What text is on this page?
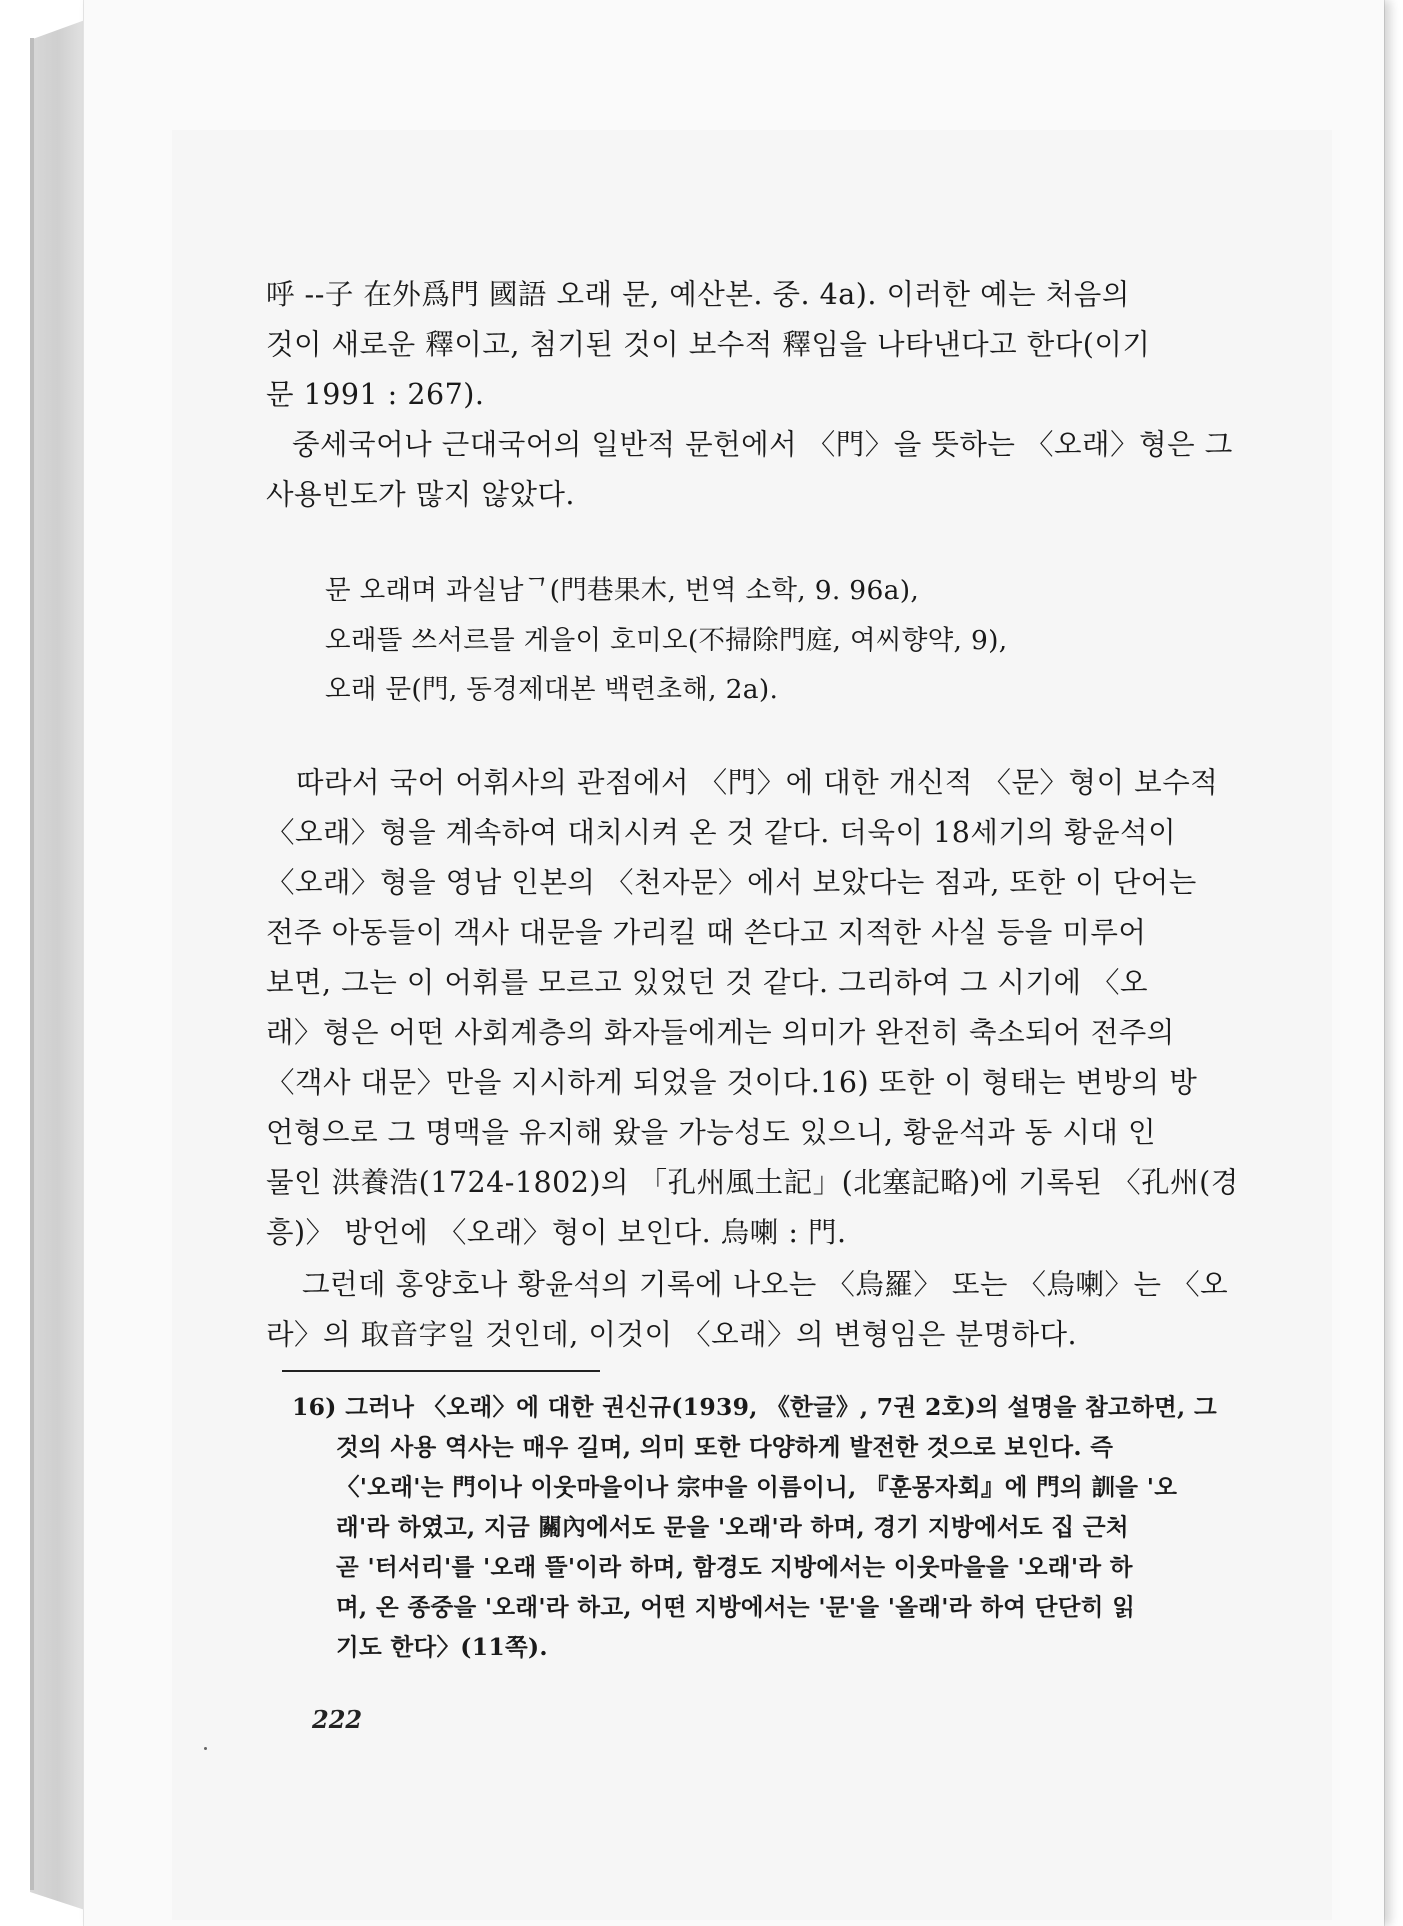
呼 --子 在外爲門 國語 오래 문, 예산본. 중. 4a). 이러한 예는 처음의
것이 새로운 釋이고, 첨기된 것이 보수적 釋임을 나타낸다고 한다(이기
문 1991 : 267).
중세국어나 근대국어의 일반적 문헌에서 〈門〉을 뜻하는 〈오래〉형은 그
사용빈도가 많지 않았다.
문 오래며 과실남ᄀ(門巷果木, 번역 소학, 9. 96a),
오래뜰 쓰서르믈 게을이 호미오(不掃除門庭, 여씨향약, 9),
오래 문(門, 동경제대본 백련초해, 2a).
따라서 국어 어휘사의 관점에서 〈門〉에 대한 개신적 〈문〉형이 보수적
〈오래〉형을 계속하여 대치시켜 온 것 같다. 더욱이 18세기의 황윤석이
〈오래〉형을 영남 인본의 〈천자문〉에서 보았다는 점과, 또한 이 단어는
전주 아동들이 객사 대문을 가리킬 때 쓴다고 지적한 사실 등을 미루어
보면, 그는 이 어휘를 모르고 있었던 것 같다. 그리하여 그 시기에 〈오
래〉형은 어떤 사회계층의 화자들에게는 의미가 완전히 축소되어 전주의
〈객사 대문〉만을 지시하게 되었을 것이다.16) 또한 이 형태는 변방의 방
언형으로 그 명맥을 유지해 왔을 가능성도 있으니, 황윤석과 동 시대 인
물인 洪養浩(1724-1802)의 「孔州風土記」(北塞記略)에 기록된 〈孔州(경
흥)〉 방언에 〈오래〉형이 보인다. 烏喇 : 門.
그런데 홍양호나 황윤석의 기록에 나오는 〈烏羅〉 또는 〈烏喇〉는 〈오
라〉의 取音字일 것인데, 이것이 〈오래〉의 변형임은 분명하다.
16) 그러나 〈오래〉에 대한 권신규(1939, 《한글》, 7권 2호)의 설명을 참고하면, 그
것의 사용 역사는 매우 길며, 의미 또한 다양하게 발전한 것으로 보인다. 즉
〈'오래'는 門이나 이웃마을이나 宗中을 이름이니, 『훈몽자회』에 門의 訓을 '오
래'라 하였고, 지금 關內에서도 문을 '오래'라 하며, 경기 지방에서도 집 근처
곧 '터서리'를 '오래 뜰'이라 하며, 함경도 지방에서는 이웃마을을 '오래'라 하
며, 온 종중을 '오래'라 하고, 어떤 지방에서는 '문'을 '올래'라 하여 단단히 읽
기도 한다〉(11쪽).
222
